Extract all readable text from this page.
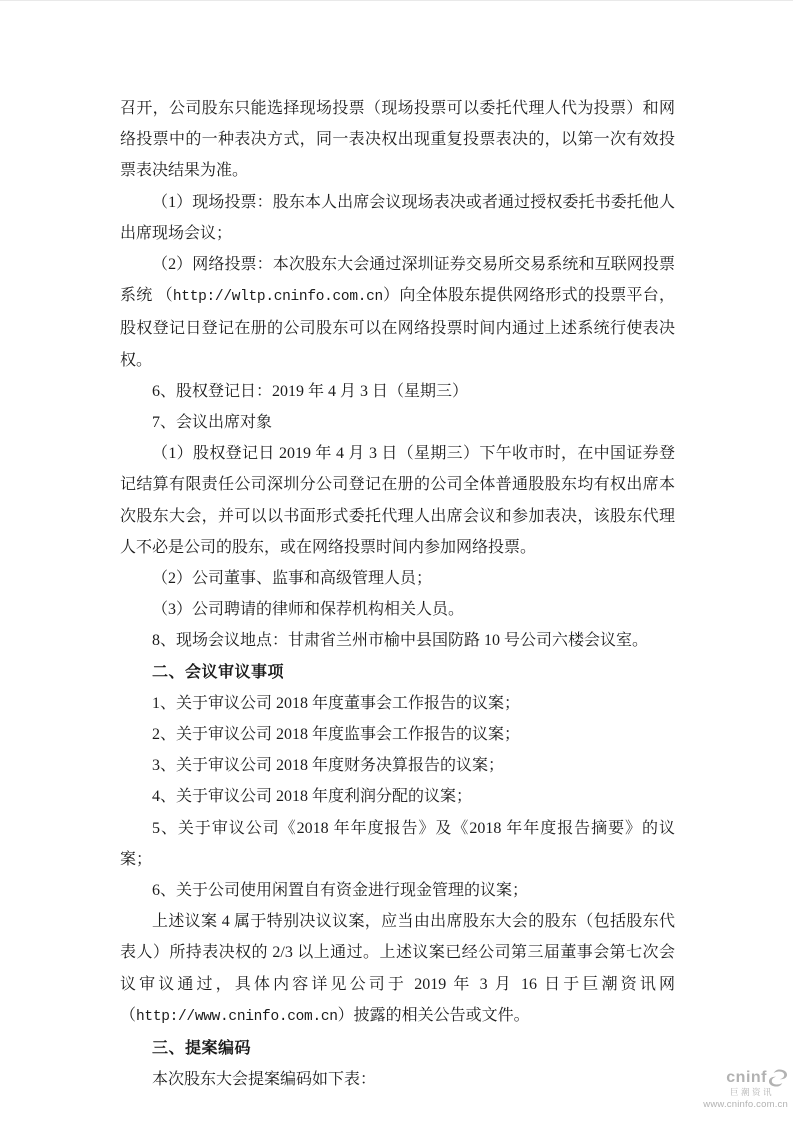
召开，公司股东只能选择现场投票（现场投票可以委托代理人代为投票）和网络投票中的一种表决方式，同一表决权出现重复投票表决的，以第一次有效投票表决结果为准。

（1）现场投票：股东本人出席会议现场表决或者通过授权委托书委托他人出席现场会议；

（2）网络投票：本次股东大会通过深圳证券交易所交易系统和互联网投票系统 （http://wltp.cninfo.com.cn）向全体股东提供网络形式的投票平台，股权登记日登记在册的公司股东可以在网络投票时间内通过上述系统行使表决权。

6、股权登记日：2019 年 4 月 3 日（星期三）

7、会议出席对象

（1）股权登记日 2019 年 4 月 3 日（星期三）下午收市时，在中国证券登记结算有限责任公司深圳分公司登记在册的公司全体普通股股东均有权出席本次股东大会，并可以以书面形式委托代理人出席会议和参加表决，该股东代理人不必是公司的股东，或在网络投票时间内参加网络投票。

（2）公司董事、监事和高级管理人员；

（3）公司聘请的律师和保荐机构相关人员。

8、现场会议地点：甘肃省兰州市榆中县国防路 10 号公司六楼会议室。

二、会议审议事项

1、关于审议公司 2018 年度董事会工作报告的议案；

2、关于审议公司 2018 年度监事会工作报告的议案；

3、关于审议公司 2018 年度财务决算报告的议案；

4、关于审议公司 2018 年度利润分配的议案；

5、关于审议公司《2018 年年度报告》及《2018 年年度报告摘要》的议案；

6、关于公司使用闲置自有资金进行现金管理的议案；

上述议案 4 属于特别决议议案，应当由出席股东大会的股东（包括股东代表人）所持表决权的 2/3 以上通过。上述议案已经公司第三届董事会第七次会议审议通过，具体内容详见公司于 2019 年 3 月 16 日于巨潮资讯网（http://www.cninfo.com.cn）披露的相关公告或文件。

三、提案编码

本次股东大会提案编码如下表：	cninf
巨潮资讯
www.cninfo.com.cn
